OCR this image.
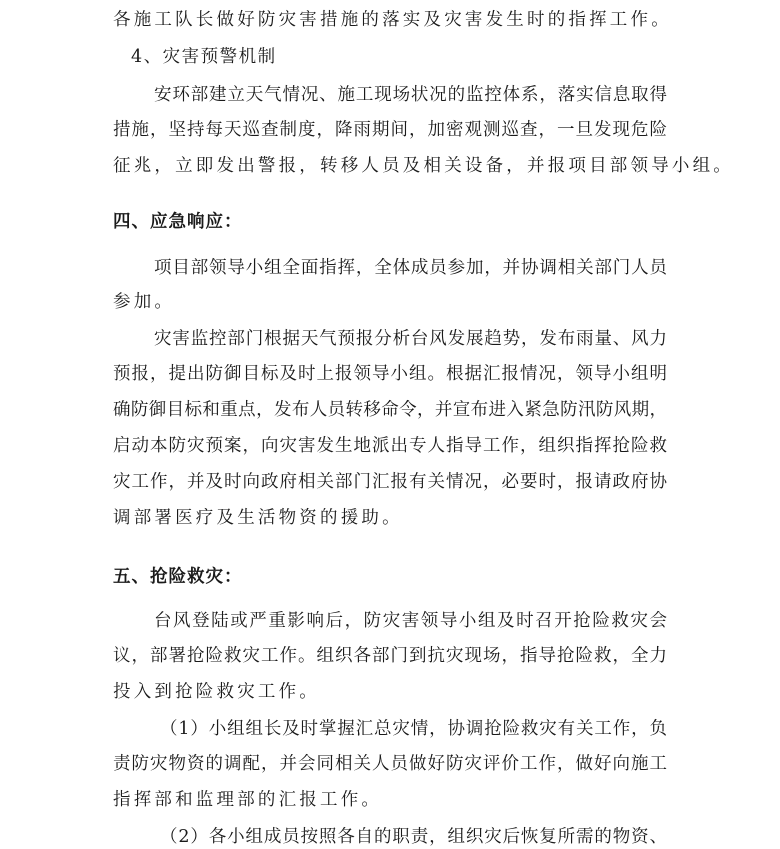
各施工队长做好防灾害措施的落实及灾害发生时的指挥工作。
4、灾害预警机制
安环部建立天气情况、施工现场状况的监控体系，落实信息取得
措施，坚持每天巡查制度，降雨期间，加密观测巡查，一旦发现危险
征兆，立即发出警报，转移人员及相关设备，并报项目部领导小组。
四、应急响应：
项目部领导小组全面指挥，全体成员参加，并协调相关部门人员
参加。
灾害监控部门根据天气预报分析台风发展趋势，发布雨量、风力
预报，提出防御目标及时上报领导小组。根据汇报情况，领导小组明
确防御目标和重点，发布人员转移命令，并宣布进入紧急防汛防风期，
启动本防灾预案，向灾害发生地派出专人指导工作，组织指挥抢险救
灾工作，并及时向政府相关部门汇报有关情况，必要时，报请政府协
调部署医疗及生活物资的援助。
五、抢险救灾：
台风登陆或严重影响后，防灾害领导小组及时召开抢险救灾会
议，部署抢险救灾工作。组织各部门到抗灾现场，指导抢险救，全力
投入到抢险救灾工作。
（1）小组组长及时掌握汇总灾情，协调抢险救灾有关工作，负
责防灾物资的调配，并会同相关人员做好防灾评价工作，做好向施工
指挥部和监理部的汇报工作。
（2）各小组成员按照各自的职责，组织灾后恢复所需的物资、
